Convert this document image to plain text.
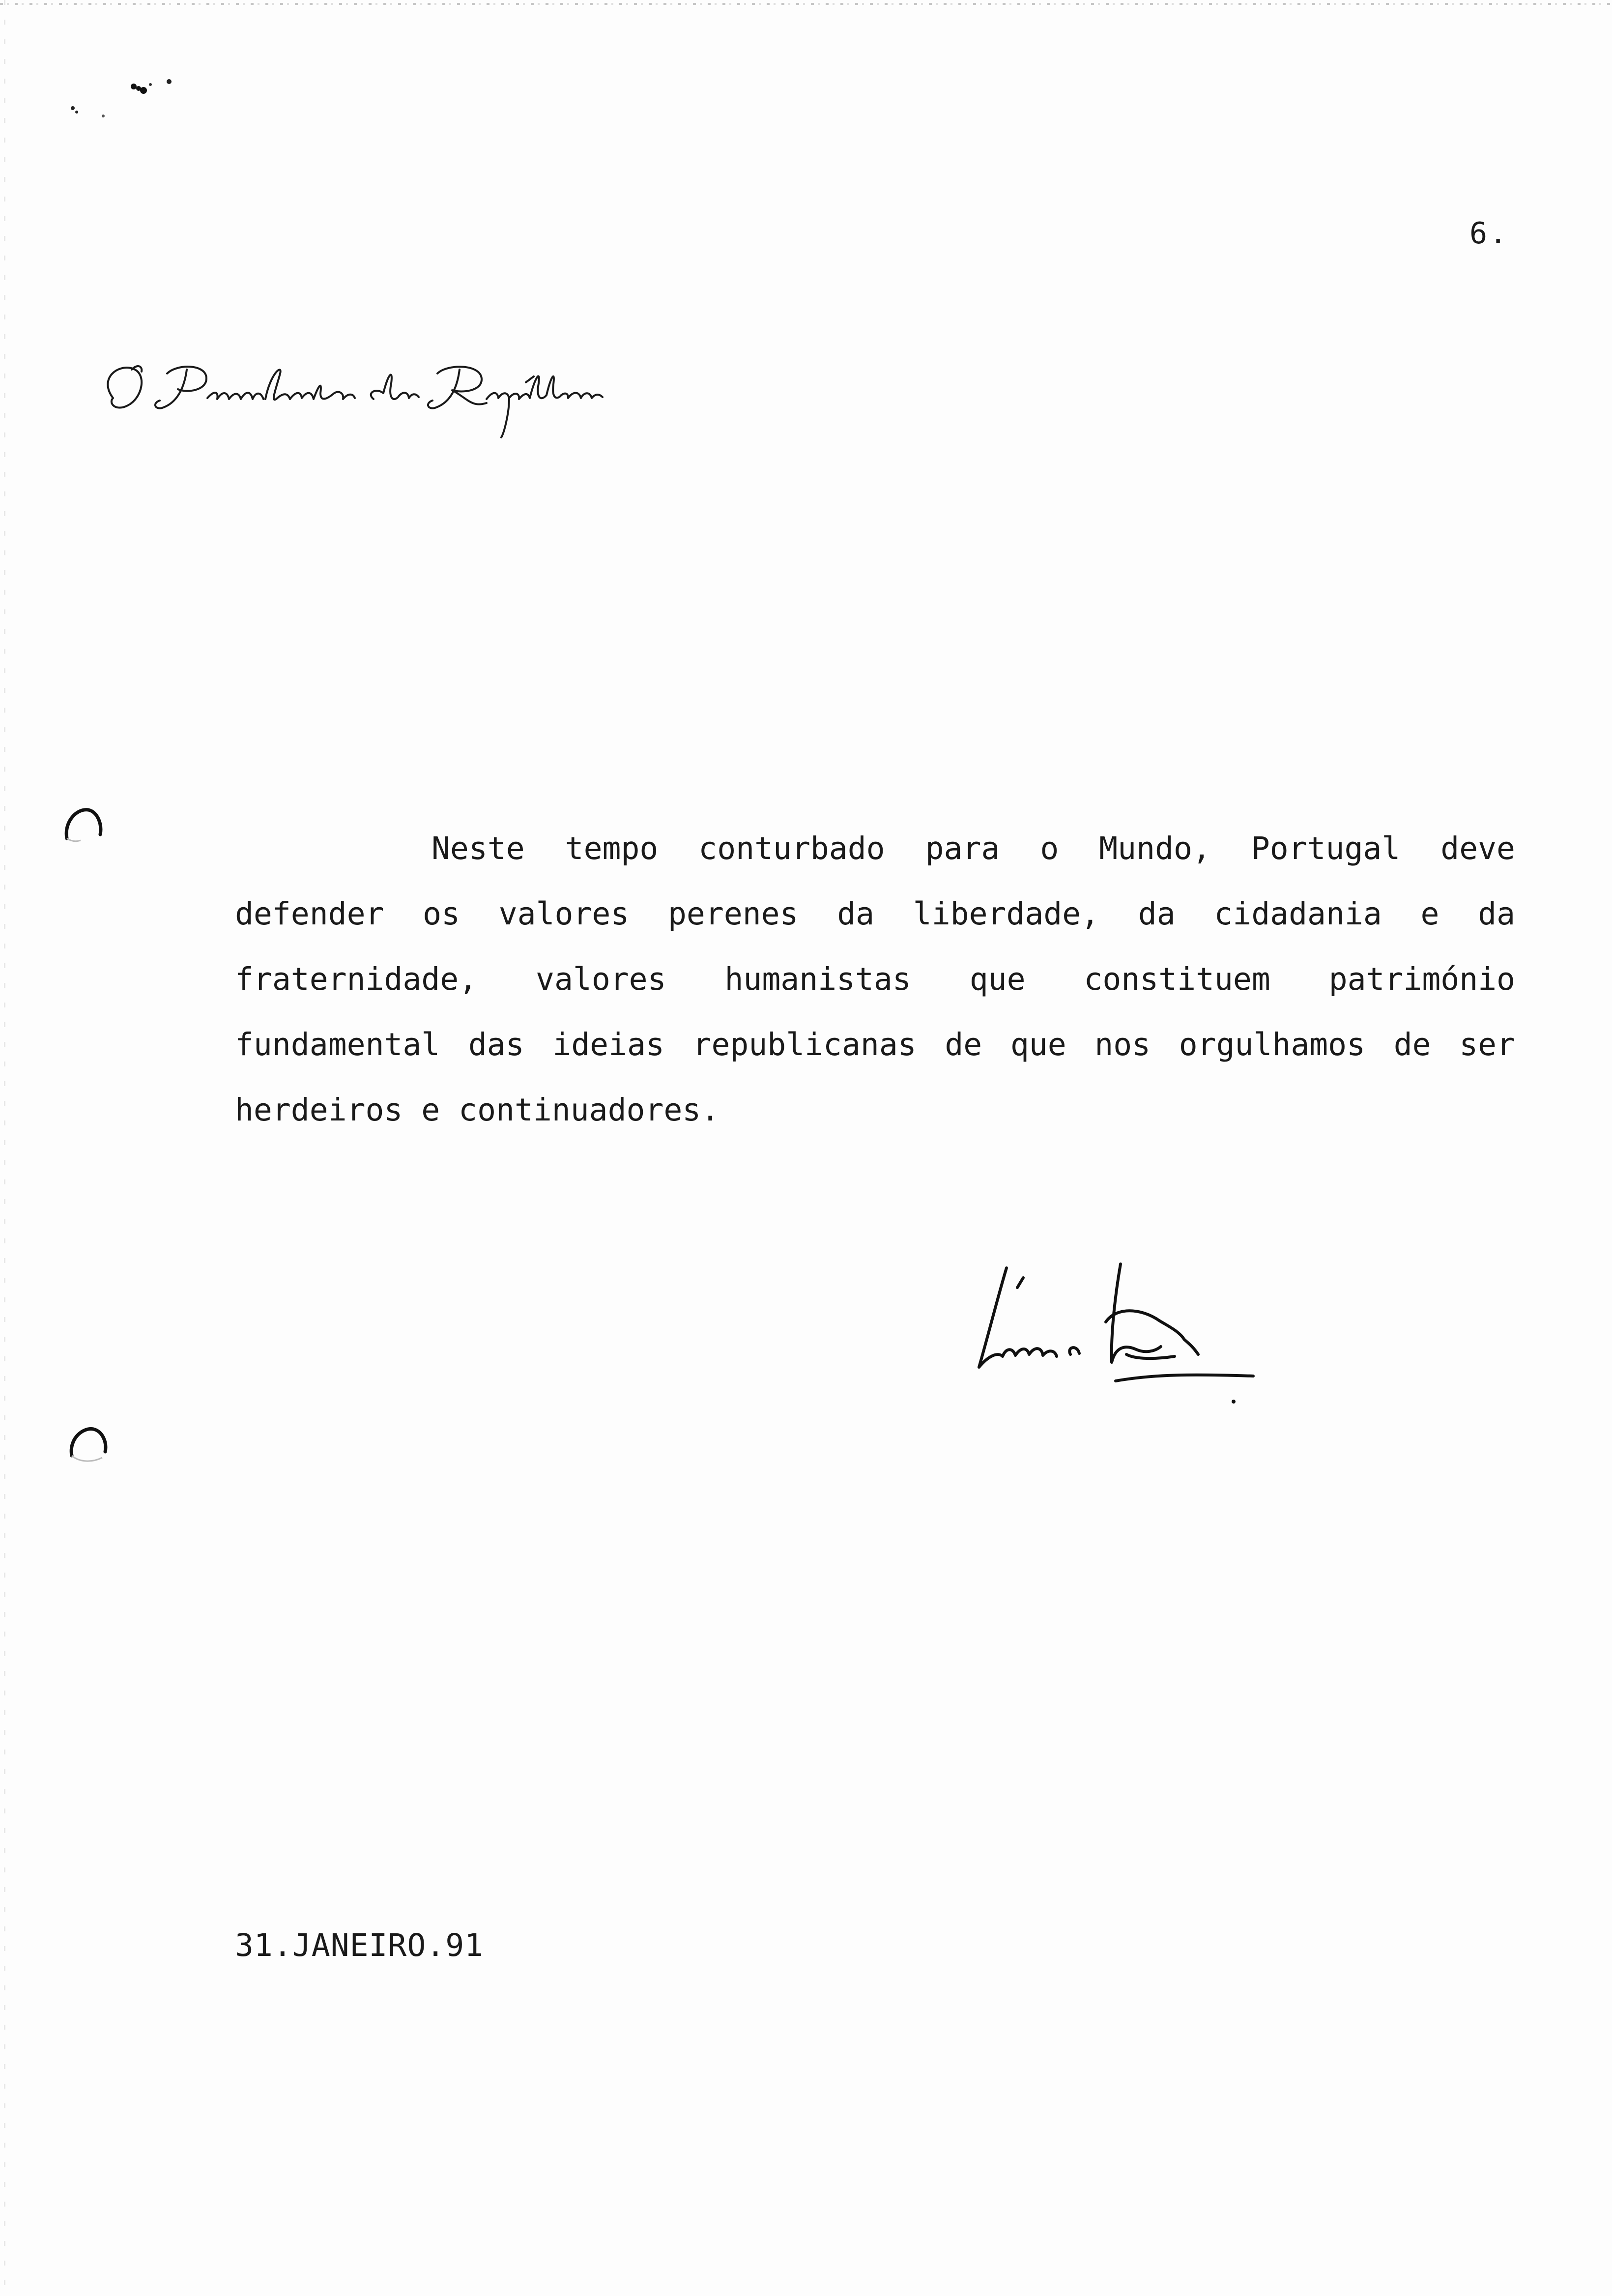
6.

Neste tempo conturbado para o Mundo, Portugal deve defender os valores perenes da liberdade, da cidadania e da fraternidade, valores humanistas que constituem património fundamental das ideias republicanas de que nos orgulhamos de ser herdeiros e continuadores.

31.JANEIRO.91
